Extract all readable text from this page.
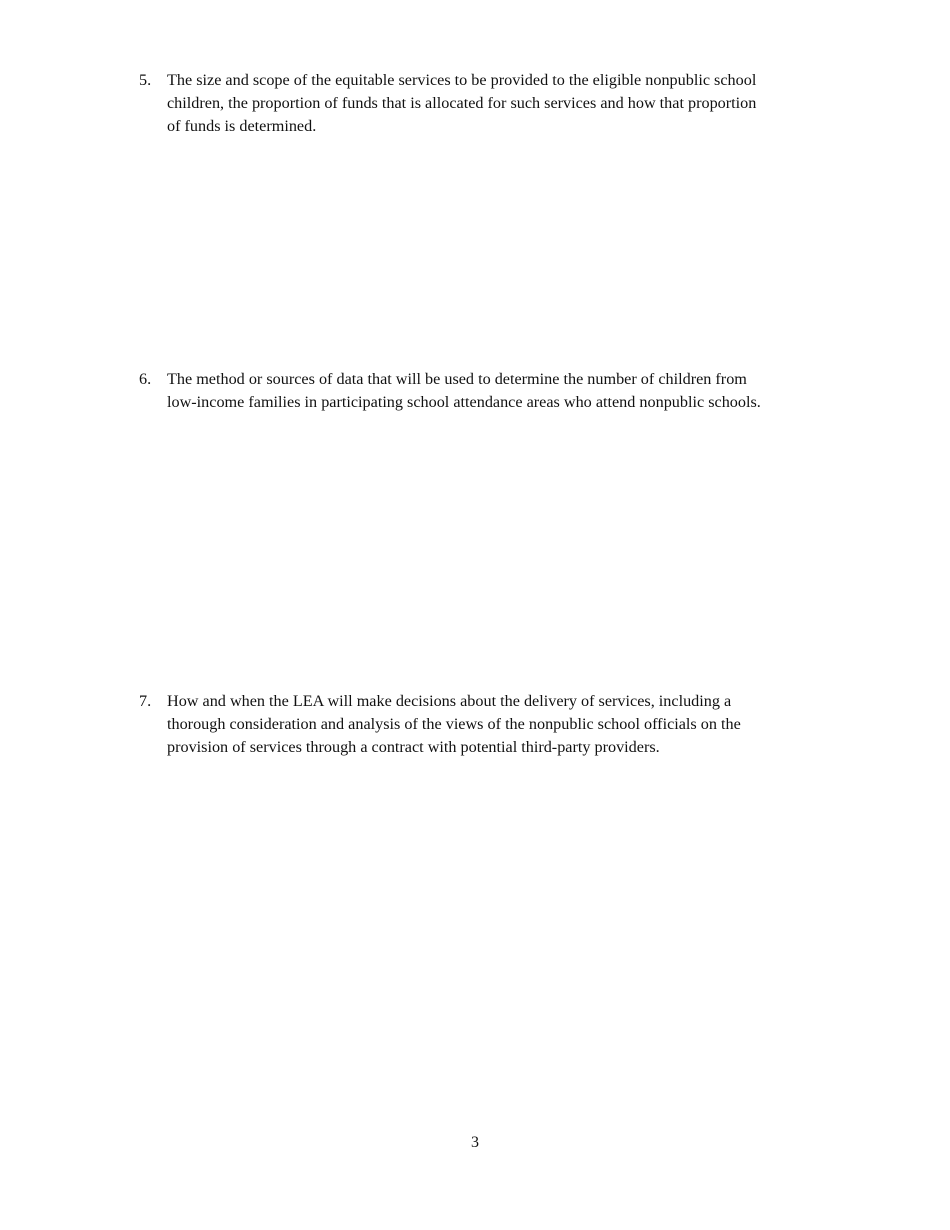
5. The size and scope of the equitable services to be provided to the eligible nonpublic school
children, the proportion of funds that is allocated for such services and how that proportion
of funds is determined.
6. The method or sources of data that will be used to determine the number of children from
low-income families in participating school attendance areas who attend nonpublic schools.
7. How and when the LEA will make decisions about the delivery of services, including a
thorough consideration and analysis of the views of the nonpublic school officials on the
provision of services through a contract with potential third-party providers.
3
